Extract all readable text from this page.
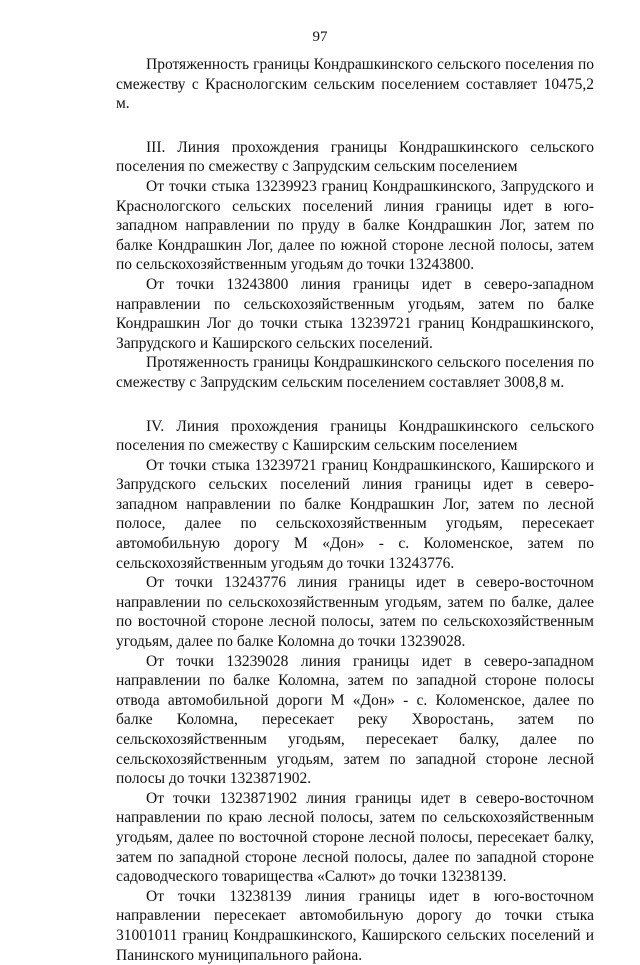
97

Протяженность границы Кондрашкинского сельского поселения по смежеству с Краснологским сельским поселением составляет 10475,2 м.

III. Линия прохождения границы Кондрашкинского сельского поселения по смежеству с Запрудским сельским поселением

От точки стыка 13239923 границ Кондрашкинского, Запрудского и Краснологского сельских поселений линия границы идет в юго-западном направлении по пруду в балке Кондрашкин Лог, затем по балке Кондрашкин Лог, далее по южной стороне лесной полосы, затем по сельскохозяйственным угодьям до точки 13243800.

От точки 13243800 линия границы идет в северо-западном направлении по сельскохозяйственным угодьям, затем по балке Кондрашкин Лог до точки стыка 13239721 границ Кондрашкинского, Запрудского и Каширского сельских поселений.

Протяженность границы Кондрашкинского сельского поселения по смежеству с Запрудским сельским поселением составляет 3008,8 м.

IV. Линия прохождения границы Кондрашкинского сельского поселения по смежеству с Каширским сельским поселением

От точки стыка 13239721 границ Кондрашкинского, Каширского и Запрудского сельских поселений линия границы идет в северо-западном направлении по балке Кондрашкин Лог, затем по лесной полосе, далее по сельскохозяйственным угодьям, пересекает автомобильную дорогу М «Дон» - с. Коломенское, затем по сельскохозяйственным угодьям до точки 13243776.

От точки 13243776 линия границы идет в северо-восточном направлении по сельскохозяйственным угодьям, затем по балке, далее по восточной стороне лесной полосы, затем по сельскохозяйственным угодьям, далее по балке Коломна до точки 13239028.

От точки 13239028 линия границы идет в северо-западном направлении по балке Коломна, затем по западной стороне полосы отвода автомобильной дороги М «Дон» - с. Коломенское, далее по балке Коломна, пересекает реку Хворостань, затем по сельскохозяйственным угодьям, пересекает балку, далее по сельскохозяйственным угодьям, затем по западной стороне лесной полосы до точки 1323871902.

От точки 1323871902 линия границы идет в северо-восточном направлении по краю лесной полосы, затем по сельскохозяйственным угодьям, далее по восточной стороне лесной полосы, пересекает балку, затем по западной стороне лесной полосы, далее по западной стороне садоводческого товарищества «Салют» до точки 13238139.

От точки 13238139 линия границы идет в юго-восточном направлении пересекает автомобильную дорогу до точки стыка 31001011 границ Кондрашкинского, Каширского сельских поселений и Панинского муниципального района.
